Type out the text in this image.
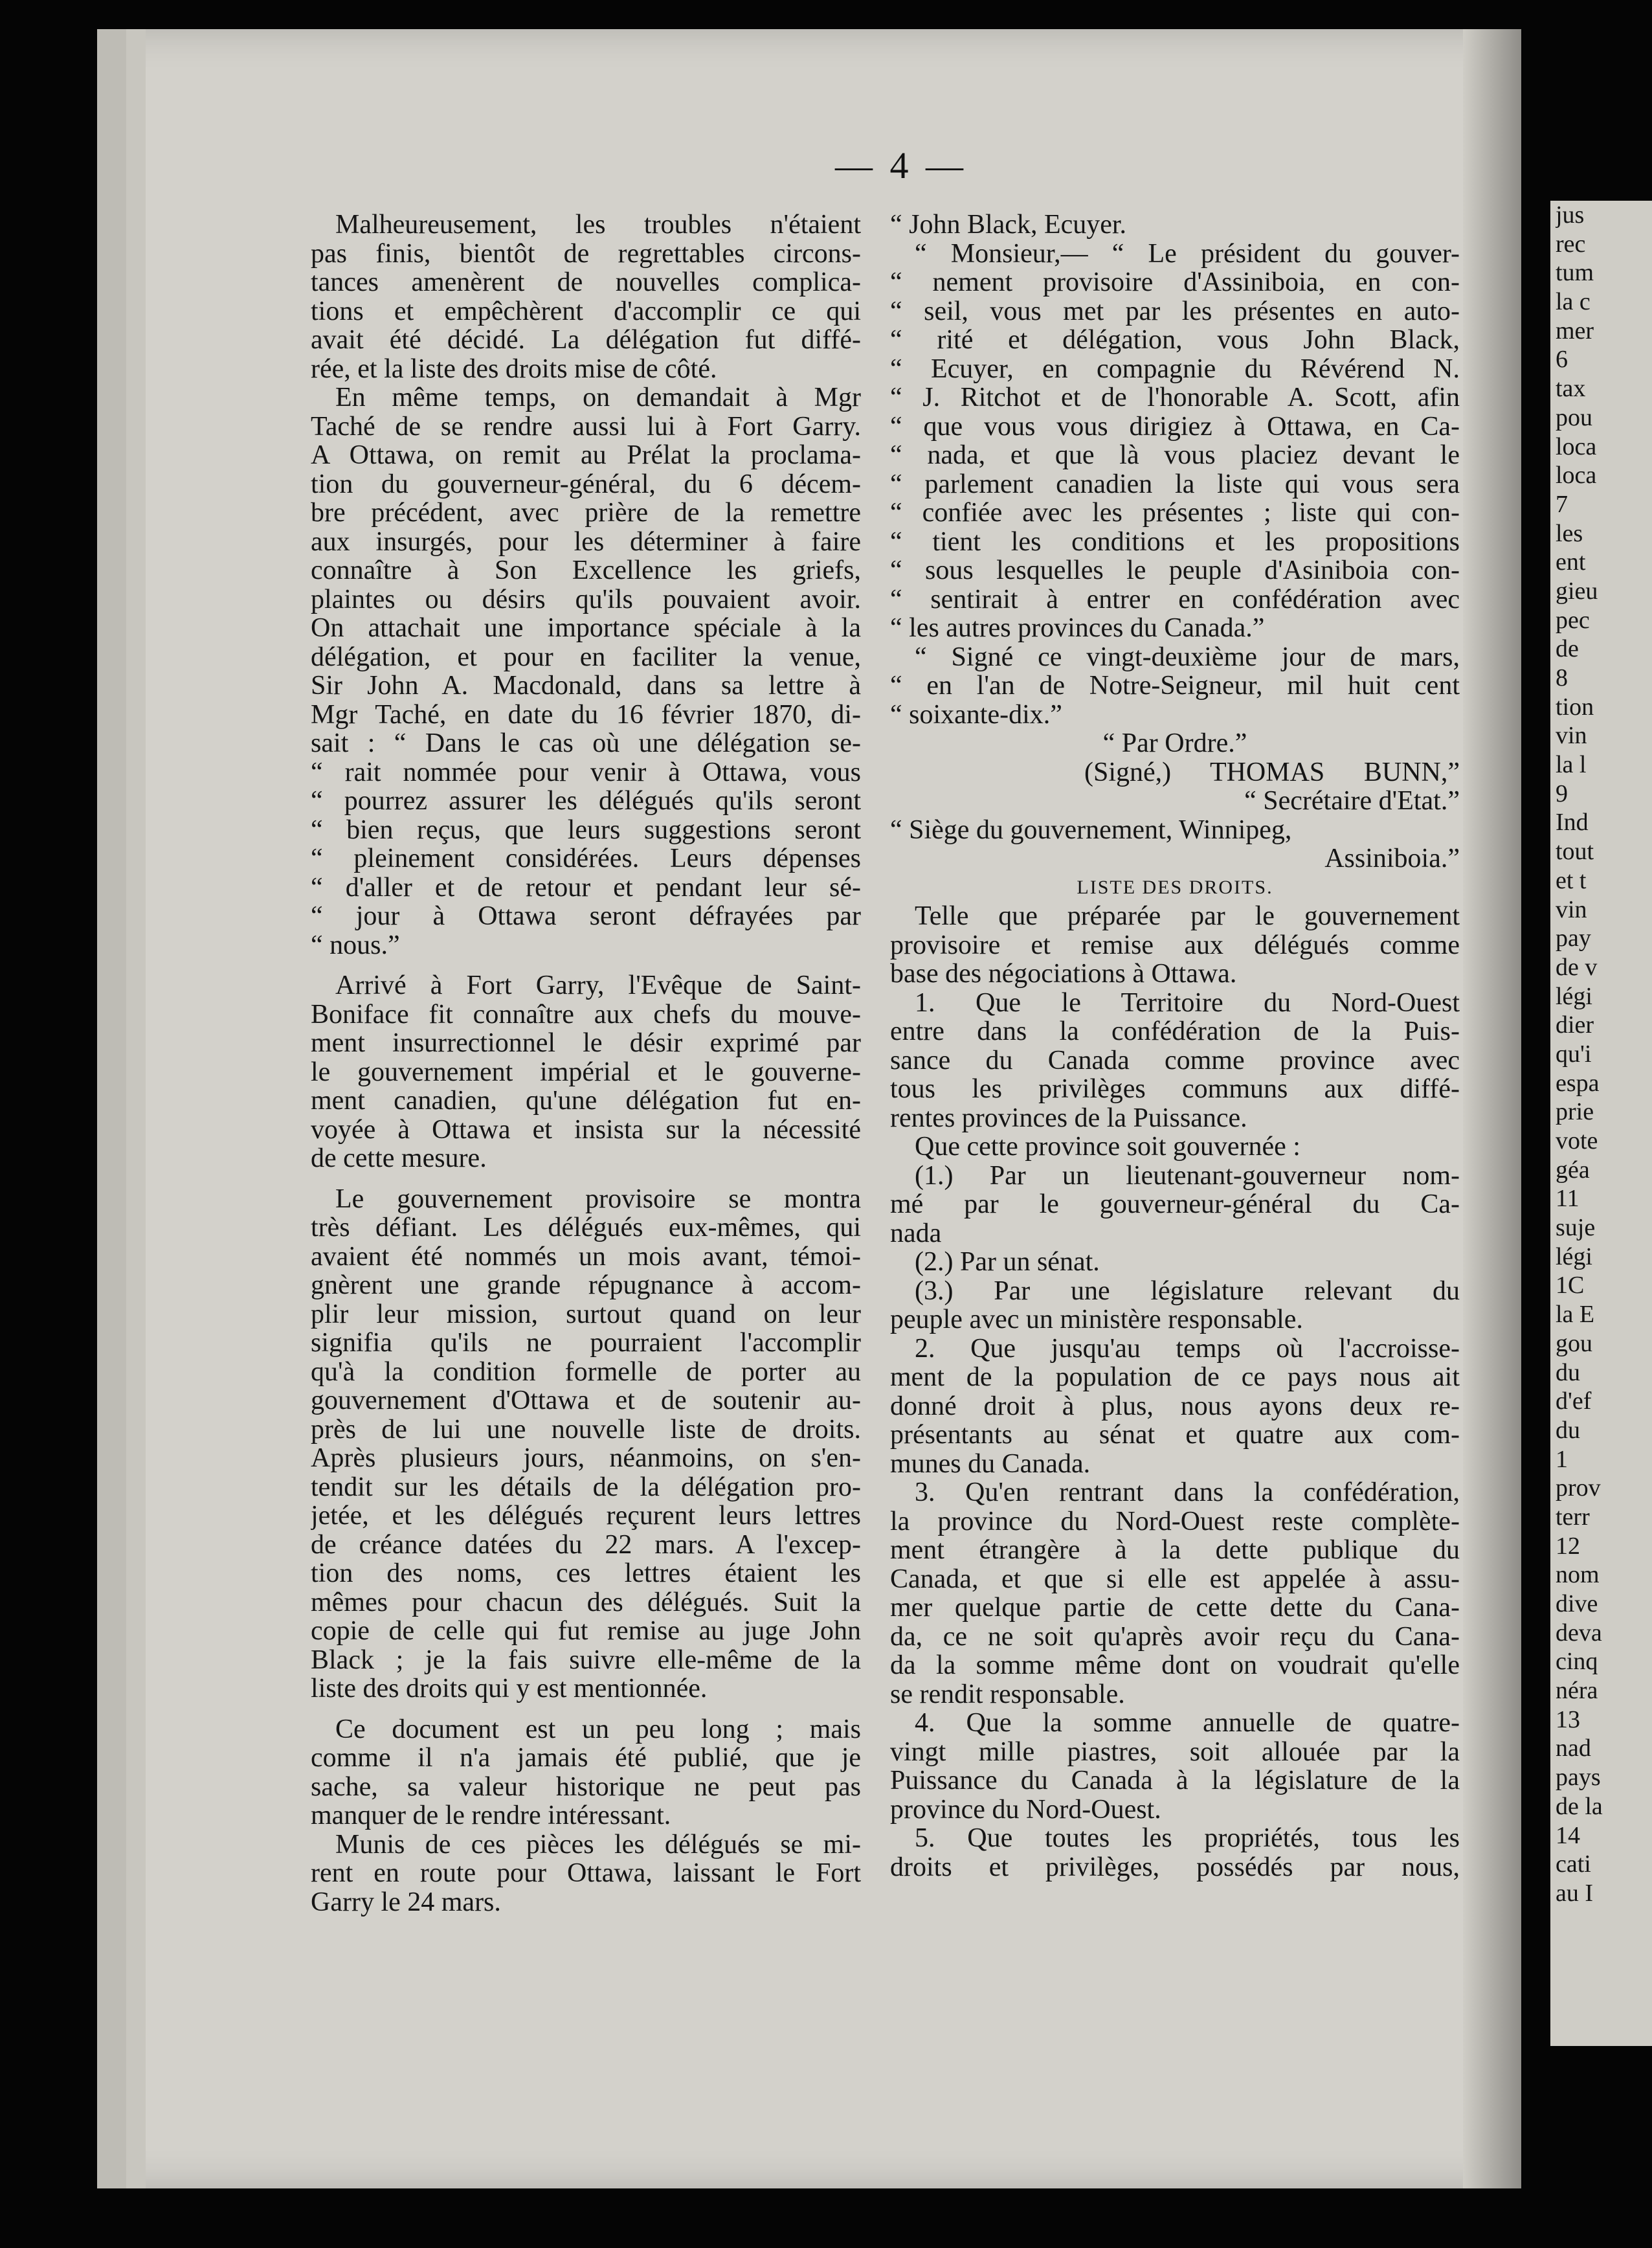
jus
rec
tum
la c
mer
6
tax
pou
loca
loca
7
les
ent
gieu
pec
de
8
tion
vin
la l
9
Ind
tout
et t
vin
pay
de v
légi
dier
qu'i
espa
prie
vote
géa
11
suje
légi
1C
la E
gou
du
d'ef
du
1
prov
terr
12
nom
dive
deva
cinq
néra
13
nad
pays
de la
14
cati
au I
— 4 —
Malheureusement, les troubles n'étaient
pas finis, bientôt de regrettables circons-
tances amenèrent de nouvelles complica-
tions et empêchèrent d'accomplir ce qui
avait été décidé. La délégation fut diffé-
rée, et la liste des droits mise de côté.
En même temps, on demandait à Mgr
Taché de se rendre aussi lui à Fort Garry.
A Ottawa, on remit au Prélat la proclama-
tion du gouverneur-général, du 6 décem-
bre précédent, avec prière de la remettre
aux insurgés, pour les déterminer à faire
connaître à Son Excellence les griefs,
plaintes ou désirs qu'ils pouvaient avoir.
On attachait une importance spéciale à la
délégation, et pour en faciliter la venue,
Sir John A. Macdonald, dans sa lettre à
Mgr Taché, en date du 16 février 1870, di-
sait : “ Dans le cas où une délégation se-
“ rait nommée pour venir à Ottawa, vous
“ pourrez assurer les délégués qu'ils seront
“ bien reçus, que leurs suggestions seront
“ pleinement considérées. Leurs dépenses
“ d'aller et de retour et pendant leur sé-
“ jour à Ottawa seront défrayées par
“ nous.”
Arrivé à Fort Garry, l'Evêque de Saint-
Boniface fit connaître aux chefs du mouve-
ment insurrectionnel le désir exprimé par
le gouvernement impérial et le gouverne-
ment canadien, qu'une délégation fut en-
voyée à Ottawa et insista sur la nécessité
de cette mesure.
Le gouvernement provisoire se montra
très défiant. Les délégués eux-mêmes, qui
avaient été nommés un mois avant, témoi-
gnèrent une grande répugnance à accom-
plir leur mission, surtout quand on leur
signifia qu'ils ne pourraient l'accomplir
qu'à la condition formelle de porter au
gouvernement d'Ottawa et de soutenir au-
près de lui une nouvelle liste de droits.
Après plusieurs jours, néanmoins, on s'en-
tendit sur les détails de la délégation pro-
jetée, et les délégués reçurent leurs lettres
de créance datées du 22 mars. A l'excep-
tion des noms, ces lettres étaient les
mêmes pour chacun des délégués. Suit la
copie de celle qui fut remise au juge John
Black ; je la fais suivre elle-même de la
liste des droits qui y est mentionnée.
Ce document est un peu long ; mais
comme il n'a jamais été publié, que je
sache, sa valeur historique ne peut pas
manquer de le rendre intéressant.
Munis de ces pièces les délégués se mi-
rent en route pour Ottawa, laissant le Fort
Garry le 24 mars.
“ John Black, Ecuyer.
“ Monsieur,— “ Le président du gouver-
“ nement provisoire d'Assiniboia, en con-
“ seil, vous met par les présentes en auto-
“ rité et délégation, vous John Black,
“ Ecuyer, en compagnie du Révérend N.
“ J. Ritchot et de l'honorable A. Scott, afin
“ que vous vous dirigiez à Ottawa, en Ca-
“ nada, et que là vous placiez devant le
“ parlement canadien la liste qui vous sera
“ confiée avec les présentes ; liste qui con-
“ tient les conditions et les propositions
“ sous lesquelles le peuple d'Asiniboia con-
“ sentirait à entrer en confédération avec
“ les autres provinces du Canada.”
“ Signé ce vingt-deuxième jour de mars,
“ en l'an de Notre-Seigneur, mil huit cent
“ soixante-dix.”
“ Par Ordre.”
(Signé,) THOMAS BUNN,”
“ Secrétaire d'Etat.”
“ Siège du gouvernement, Winnipeg,
Assiniboia.”
LISTE DES DROITS.
Telle que préparée par le gouvernement
provisoire et remise aux délégués comme
base des négociations à Ottawa.
1. Que le Territoire du Nord-Ouest
entre dans la confédération de la Puis-
sance du Canada comme province avec
tous les privilèges communs aux diffé-
rentes provinces de la Puissance.
Que cette province soit gouvernée :
(1.) Par un lieutenant-gouverneur nom-
mé par le gouverneur-général du Ca-
nada
(2.) Par un sénat.
(3.) Par une législature relevant du
peuple avec un ministère responsable.
2. Que jusqu'au temps où l'accroisse-
ment de la population de ce pays nous ait
donné droit à plus, nous ayons deux re-
présentants au sénat et quatre aux com-
munes du Canada.
3. Qu'en rentrant dans la confédération,
la province du Nord-Ouest reste complète-
ment étrangère à la dette publique du
Canada, et que si elle est appelée à assu-
mer quelque partie de cette dette du Cana-
da, ce ne soit qu'après avoir reçu du Cana-
da la somme même dont on voudrait qu'elle
se rendit responsable.
4. Que la somme annuelle de quatre-
vingt mille piastres, soit allouée par la
Puissance du Canada à la législature de la
province du Nord-Ouest.
5. Que toutes les propriétés, tous les
droits et privilèges, possédés par nous,
